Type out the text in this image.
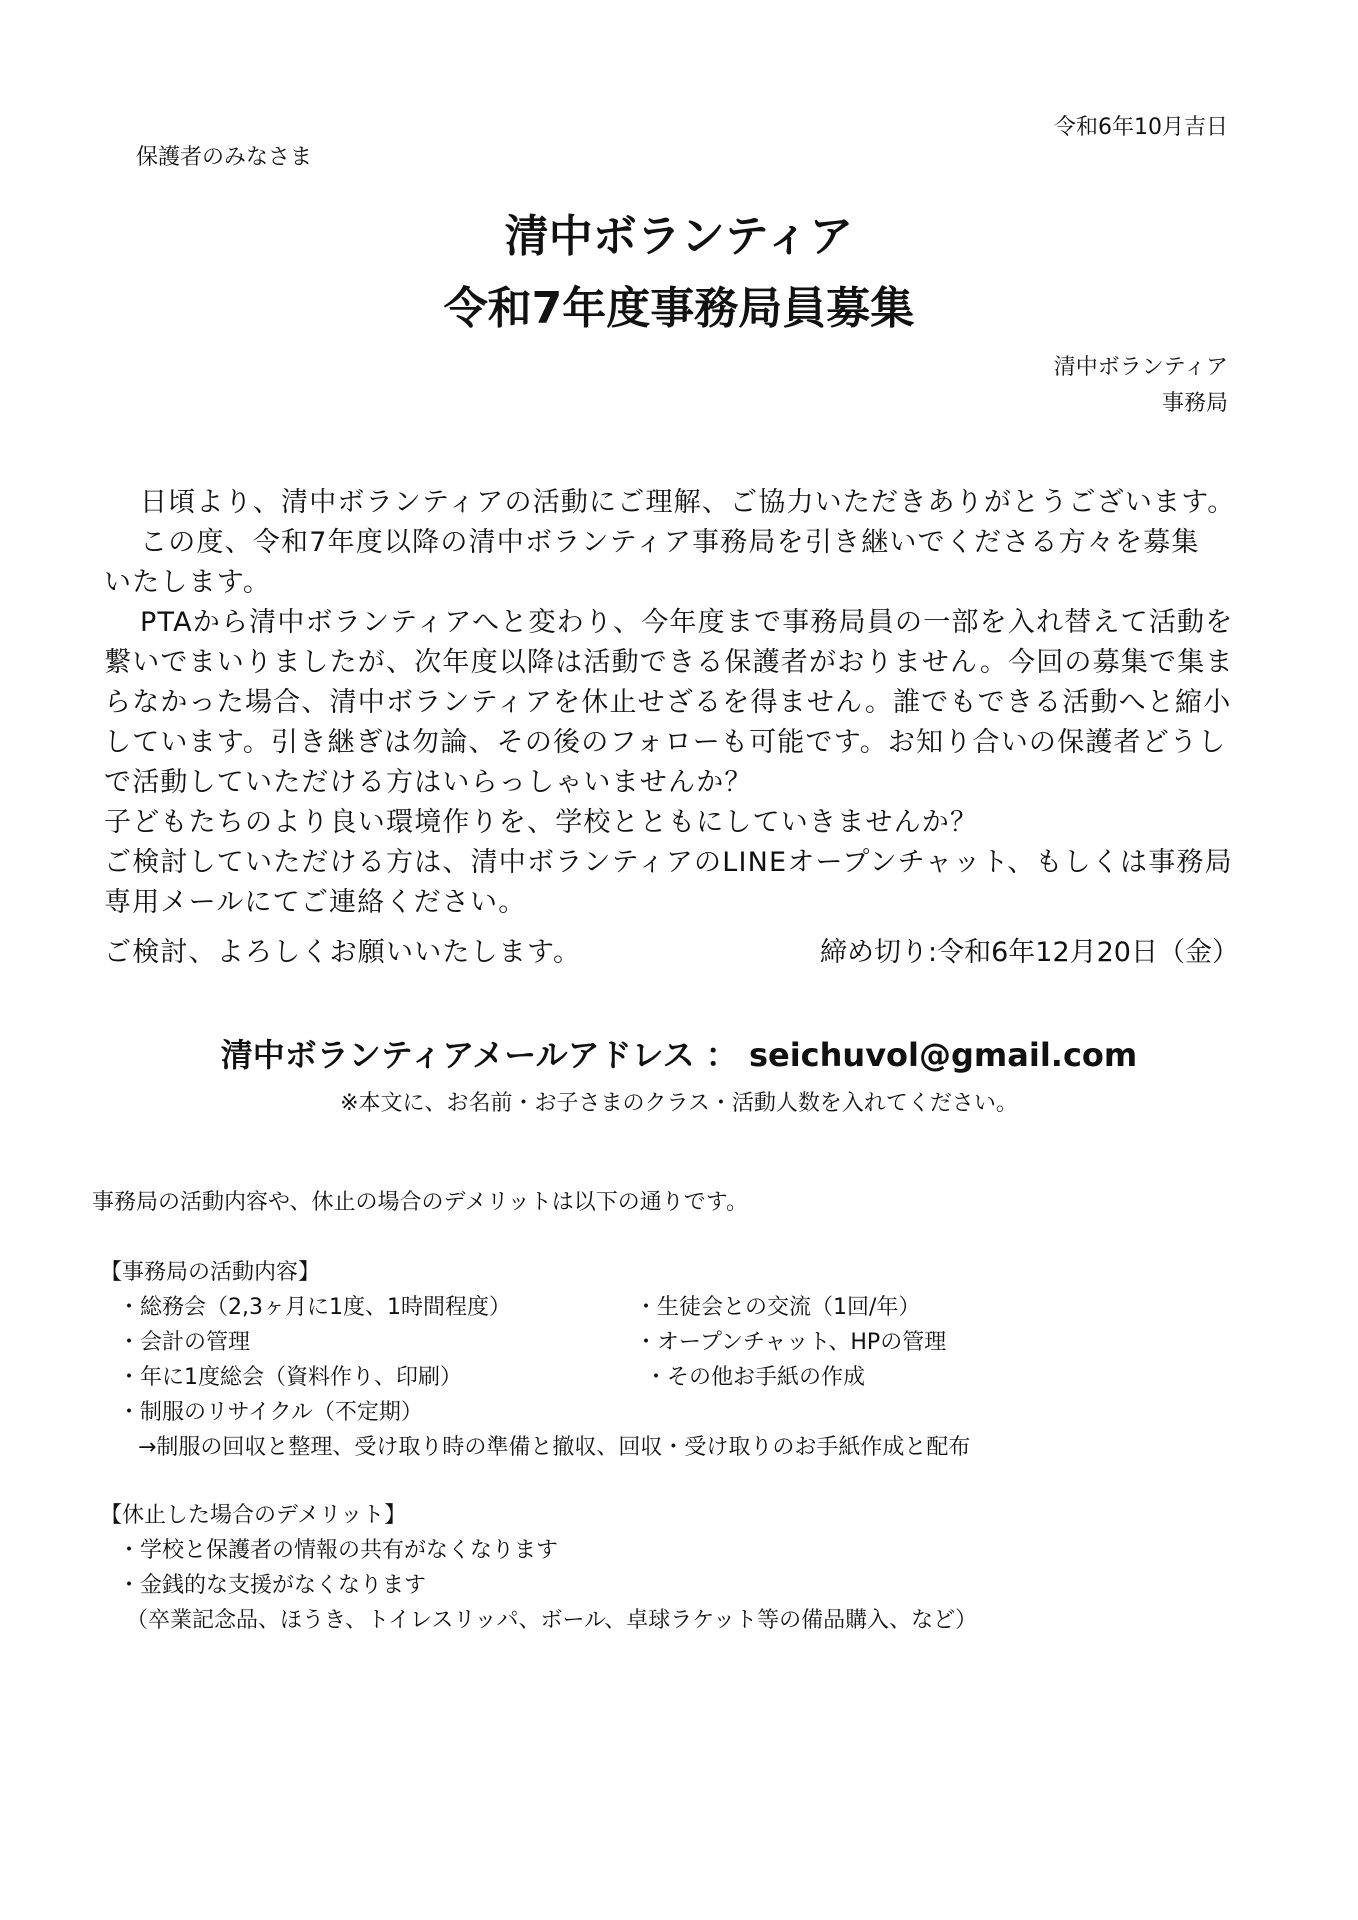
令和6年10月吉日
保護者のみなさま
清中ボランティア
令和7年度事務局員募集
清中ボランティア
事務局
日頃より、清中ボランティアの活動にご理解、ご協力いただきありがとうございます。
この度、令和7年度以降の清中ボランティア事務局を引き継いでくださる方々を募集
いたします。
PTAから清中ボランティアへと変わり、今年度まで事務局員の一部を入れ替えて活動を
繋いでまいりましたが、次年度以降は活動できる保護者がおりません。今回の募集で集ま
らなかった場合、清中ボランティアを休止せざるを得ません。誰でもできる活動へと縮小
しています。引き継ぎは勿論、その後のフォローも可能です。お知り合いの保護者どうし
で活動していただける方はいらっしゃいませんか？
子どもたちのより良い環境作りを、学校とともにしていきませんか？
ご検討していただける方は、清中ボランティアのLINEオープンチャット、もしくは事務局
専用メールにてご連絡ください。
ご検討、よろしくお願いいたします。	締め切り:令和6年12月20日（金）
清中ボランティアメールアドレス ： seichuvol@gmail.com
※本文に、お名前・お子さまのクラス・活動人数を入れてください。
事務局の活動内容や、休止の場合のデメリットは以下の通りです。
【事務局の活動内容】
・総務会（2,3ヶ月に1度、1時間程度）
・会計の管理
・年に1度総会（資料作り、印刷）
・制服のリサイクル（不定期）
→制服の回収と整理、受け取り時の準備と撤収、回収・受け取りのお手紙作成と配布
・生徒会との交流（1回/年）
・オープンチャット、HPの管理
・その他お手紙の作成
【休止した場合のデメリット】
・学校と保護者の情報の共有がなくなります
・金銭的な支援がなくなります
（卒業記念品、ほうき、トイレスリッパ、ボール、卓球ラケット等の備品購入、など）
